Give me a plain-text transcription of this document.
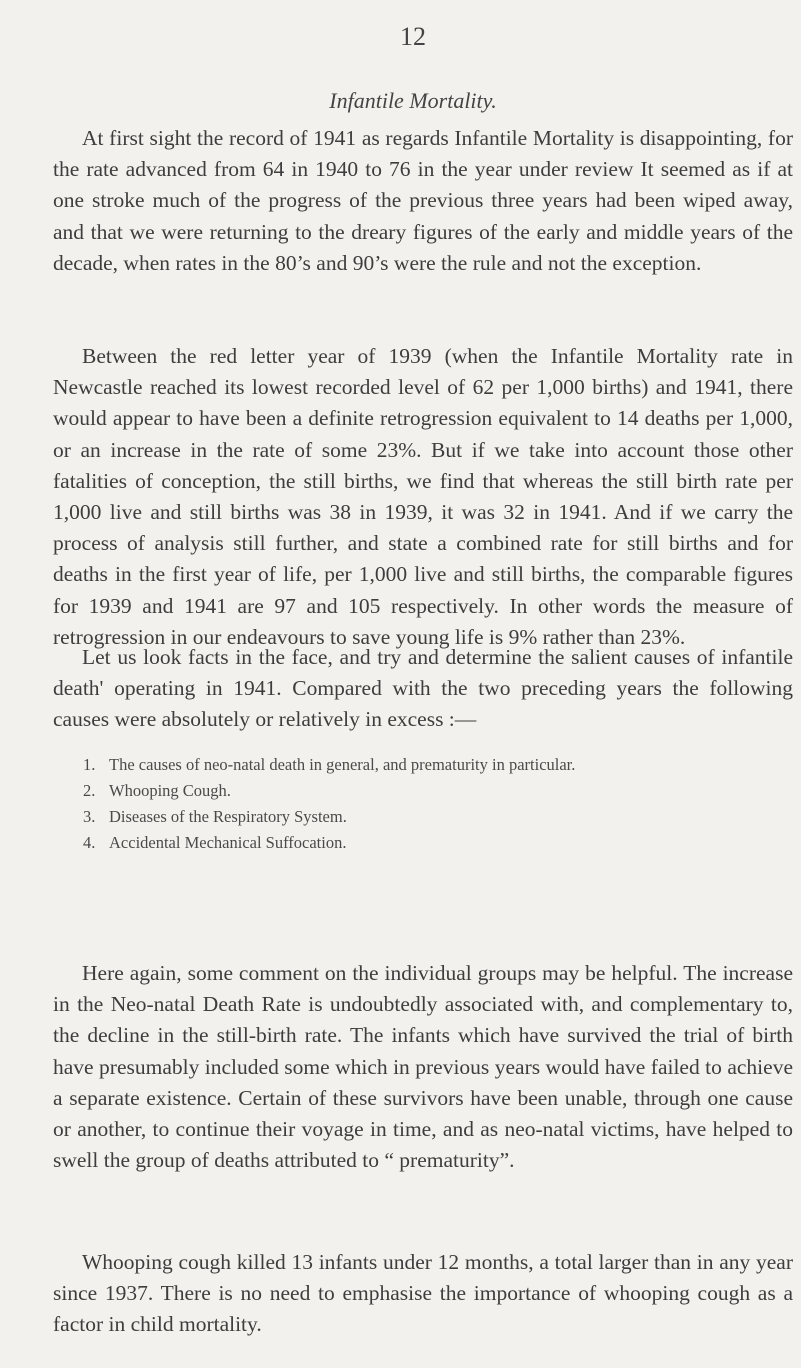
12
Infantile Mortality.

At first sight the record of 1941 as regards Infantile Mortality is disappointing, for the rate advanced from 64 in 1940 to 76 in the year under review It seemed as if at one stroke much of the progress of the previous three years had been wiped away, and that we were returning to the dreary figures of the early and middle years of the decade, when rates in the 80’s and 90’s were the rule and not the exception.

Between the red letter year of 1939 (when the Infantile Mortality rate in Newcastle reached its lowest recorded level of 62 per 1,000 births) and 1941, there would appear to have been a definite retrogression equivalent to 14 deaths per 1,000, or an increase in the rate of some 23%. But if we take into account those other fatalities of conception, the still births, we find that whereas the still birth rate per 1,000 live and still births was 38 in 1939, it was 32 in 1941. And if we carry the process of analysis still further, and state a combined rate for still births and for deaths in the first year of life, per 1,000 live and still births, the comparable figures for 1939 and 1941 are 97 and 105 respectively. In other words the measure of retrogression in our endeavours to save young life is 9% rather than 23%.

Let us look facts in the face, and try and determine the salient causes of infantile death' operating in 1941. Compared with the two preceding years the following causes were absolutely or relatively in excess :—

1. The causes of neo-natal death in general, and prematurity in particular.
2. Whooping Cough.
3. Diseases of the Respiratory System.
4. Accidental Mechanical Suffocation.

Here again, some comment on the individual groups may be helpful. The increase in the Neo-natal Death Rate is undoubtedly associated with, and complementary to, the decline in the still-birth rate. The infants which have survived the trial of birth have presumably included some which in previous years would have failed to achieve a separate existence. Certain of these survivors have been unable, through one cause or another, to continue their voyage in time, and as neo-natal victims, have helped to swell the group of deaths attributed to “ prematurity”.

Whooping cough killed 13 infants under 12 months, a total larger than in any year since 1937. There is no need to emphasise the importance of whooping cough as a factor in child mortality.
